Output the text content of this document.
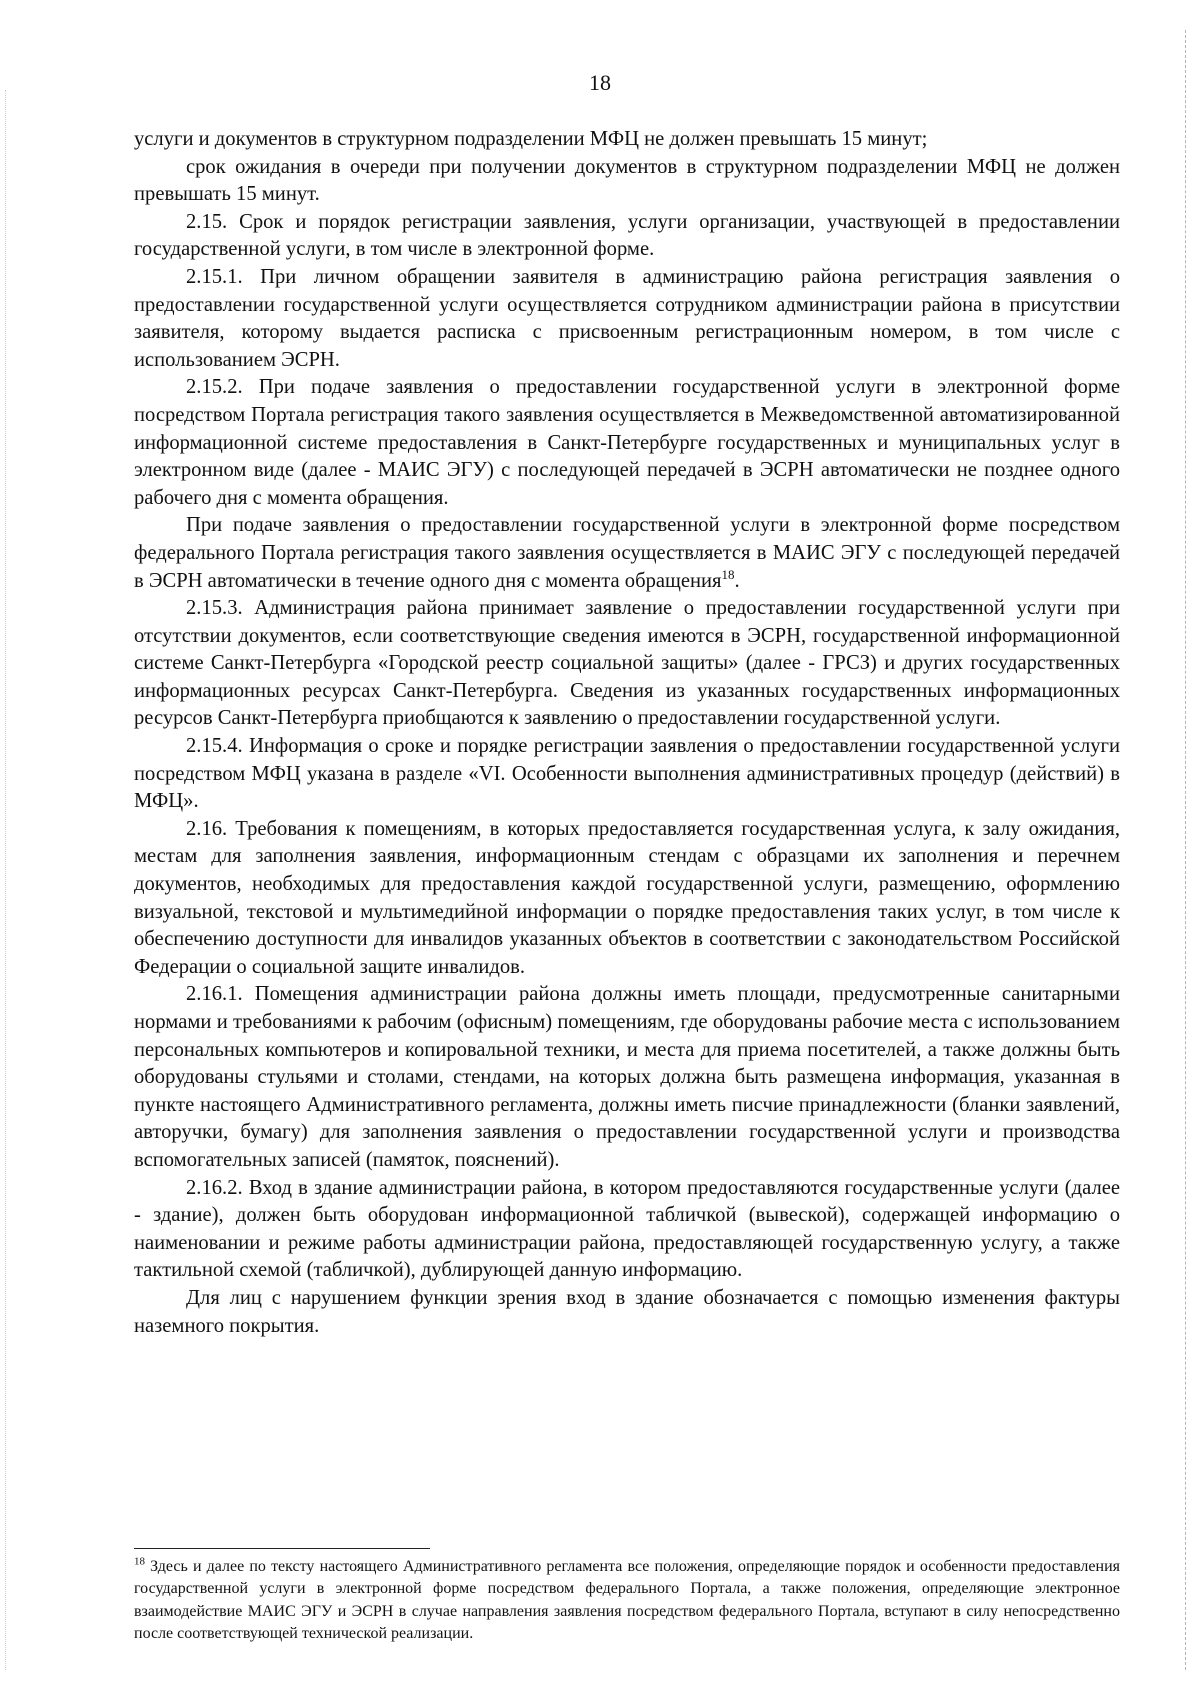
18

услуги и документов в структурном подразделении МФЦ не должен превышать 15 минут;

срок ожидания в очереди при получении документов в структурном подразделении МФЦ не должен превышать 15 минут.

2.15. Срок и порядок регистрации заявления, услуги организации, участвующей в предоставлении государственной услуги, в том числе в электронной форме.

2.15.1. При личном обращении заявителя в администрацию района регистрация заявления о предоставлении государственной услуги осуществляется сотрудником администрации района в присутствии заявителя, которому выдается расписка с присвоенным регистрационным номером, в том числе с использованием ЭСРН.

2.15.2. При подаче заявления о предоставлении государственной услуги в электронной форме посредством Портала регистрация такого заявления осуществляется в Межведомственной автоматизированной информационной системе предоставления в Санкт-Петербурге государственных и муниципальных услуг в электронном виде (далее - МАИС ЭГУ) с последующей передачей в ЭСРН автоматически не позднее одного рабочего дня с момента обращения.

При подаче заявления о предоставлении государственной услуги в электронной форме посредством федерального Портала регистрация такого заявления осуществляется в МАИС ЭГУ с последующей передачей в ЭСРН автоматически в течение одного дня с момента обращения$^{18}$.

2.15.3. Администрация района принимает заявление о предоставлении государственной услуги при отсутствии документов, если соответствующие сведения имеются в ЭСРН, государственной информационной системе Санкт-Петербурга «Городской реестр социальной защиты» (далее - ГРСЗ) и других государственных информационных ресурсах Санкт-Петербурга. Сведения из указанных государственных информационных ресурсов Санкт-Петербурга приобщаются к заявлению о предоставлении государственной услуги.

2.15.4. Информация о сроке и порядке регистрации заявления о предоставлении государственной услуги посредством МФЦ указана в разделе «VI. Особенности выполнения административных процедур (действий) в МФЦ».

2.16. Требования к помещениям, в которых предоставляется государственная услуга, к залу ожидания, местам для заполнения заявления, информационным стендам с образцами их заполнения и перечнем документов, необходимых для предоставления каждой государственной услуги, размещению, оформлению визуальной, текстовой и мультимедийной информации о порядке предоставления таких услуг, в том числе к обеспечению доступности для инвалидов указанных объектов в соответствии с законодательством Российской Федерации о социальной защите инвалидов.

2.16.1. Помещения администрации района должны иметь площади, предусмотренные санитарными нормами и требованиями к рабочим (офисным) помещениям, где оборудованы рабочие места с использованием персональных компьютеров и копировальной техники, и места для приема посетителей, а также должны быть оборудованы стульями и столами, стендами, на которых должна быть размещена информация, указанная в пункте настоящего Административного регламента, должны иметь писчие принадлежности (бланки заявлений, авторучки, бумагу) для заполнения заявления о предоставлении государственной услуги и производства вспомогательных записей (памяток, пояснений).

2.16.2. Вход в здание администрации района, в котором предоставляются государственные услуги (далее - здание), должен быть оборудован информационной табличкой (вывеской), содержащей информацию о наименовании и режиме работы администрации района, предоставляющей государственную услугу, а также тактильной схемой (табличкой), дублирующей данную информацию.

Для лиц с нарушением функции зрения вход в здание обозначается с помощью изменения фактуры наземного покрытия.

$^{18}$ Здесь и далее по тексту настоящего Административного регламента все положения, определяющие порядок и особенности предоставления государственной услуги в электронной форме посредством федерального Портала, а также положения, определяющие электронное взаимодействие МАИС ЭГУ и ЭСРН в случае направления заявления посредством федерального Портала, вступают в силу непосредственно после соответствующей технической реализации.
